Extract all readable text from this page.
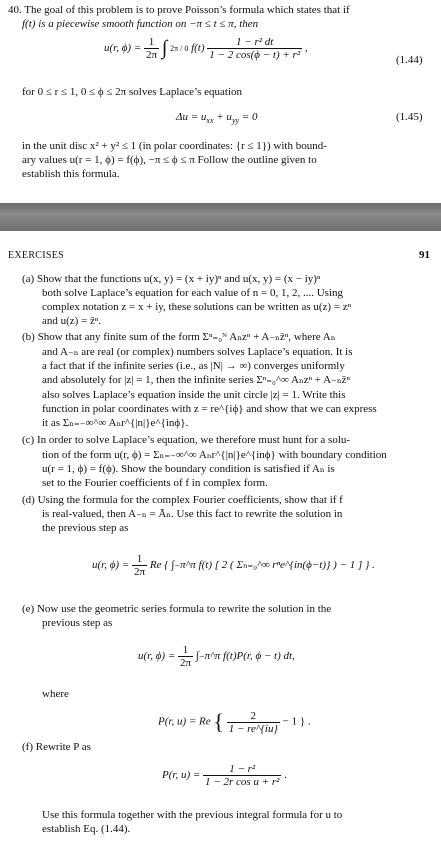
40. The goal of this problem is to prove Poisson’s formula which states that if
f(t) is a piecewise smooth function on −π ≤ t ≤ π, then
u(r, $\phi) = \frac{1}{2\pi}$ ∫ 2π / 0 $f(t) \frac{\text{1 − r² dt}}{\text{1 − 2 cos(ϕ − t) + r²}}$ ,
(1.44)
for 0 ≤ r ≤ 1, 0 ≤ ϕ ≤ 2π solves Laplace’s equation
$\Delta u = u_{xx} + u_{yy} = 0$	(1.45)
in the unit disc x² + y² ≤ 1 (in polar coordinates: {r ≤ 1}) with bound-
ary values u(r = 1, ϕ) = f(ϕ), −π ≤ ϕ ≤ π Follow the outline given to
establish this formula.
EXERCISES	91
(a) Show that the functions u(x, y) = (x + iy)ⁿ and u(x, y) = (x − iy)ⁿ
both solve Laplace’s equation for each value of n = 0, 1, 2, .... Using
complex notation z = x + iy, these solutions can be written as u(z) = zⁿ
and u(z) = z̄ⁿ.
(b) Show that any finite sum of the form Σⁿ₌₀ᴺ Aₙzⁿ + A₋ₙz̄ⁿ, where Aₙ
and A₋ₙ are real (or complex) numbers solves Laplace’s equation. It is
a fact that if the infinite series (i.e., as |N| → ∞) converges uniformly
and absolutely for |z| = 1, then the infinite series Σⁿ₌₀^∞ Aₙzⁿ + A₋ₙz̄ⁿ
also solves Laplace’s equation inside the unit circle |z| = 1. Write this
function in polar coordinates with z = re^{iϕ} and show that we can express
it as Σₙ₌₋∞^∞ Aₙr^{|n|}e^{inϕ}.
(c) In order to solve Laplace’s equation, we therefore must hunt for a solu-
tion of the form u(r, ϕ) = Σₙ₌₋∞^∞ Aₙr^{|n|}e^{inϕ} with boundary condition
u(r = 1, ϕ) = f(ϕ). Show the boundary condition is satisfied if Aₙ is
set to the Fourier coefficients of f in complex form.
(d) Using the formula for the complex Fourier coefficients, show that if f
is real-valued, then A₋ₙ = Āₙ. Use this fact to rewrite the solution in
the previous step as
u(r, $\phi) = \frac{1}{2\pi}$ Re { ∫₋π^π f(t) [ 2 ( Σₙ₌₀^∞ rⁿe^{in(ϕ−t)} ) − 1 ] } .
(e) Now use the geometric series formula to rewrite the solution in the
previous step as
u(r, $\phi) = \frac{1}{2\pi}$ ∫₋π^π f(t)P(r, ϕ − t) dt,
where
P(r, u) = Re { $\frac{2}{1 - re\^{}\{iu\}} - 1$ } .
(f) Rewrite P as
P(r, $u) = \frac{\text{1 − r²}}{\text{1 − 2r cos u + r²}}$ .
Use this formula together with the previous integral formula for u to
establish Eq. (1.44).
